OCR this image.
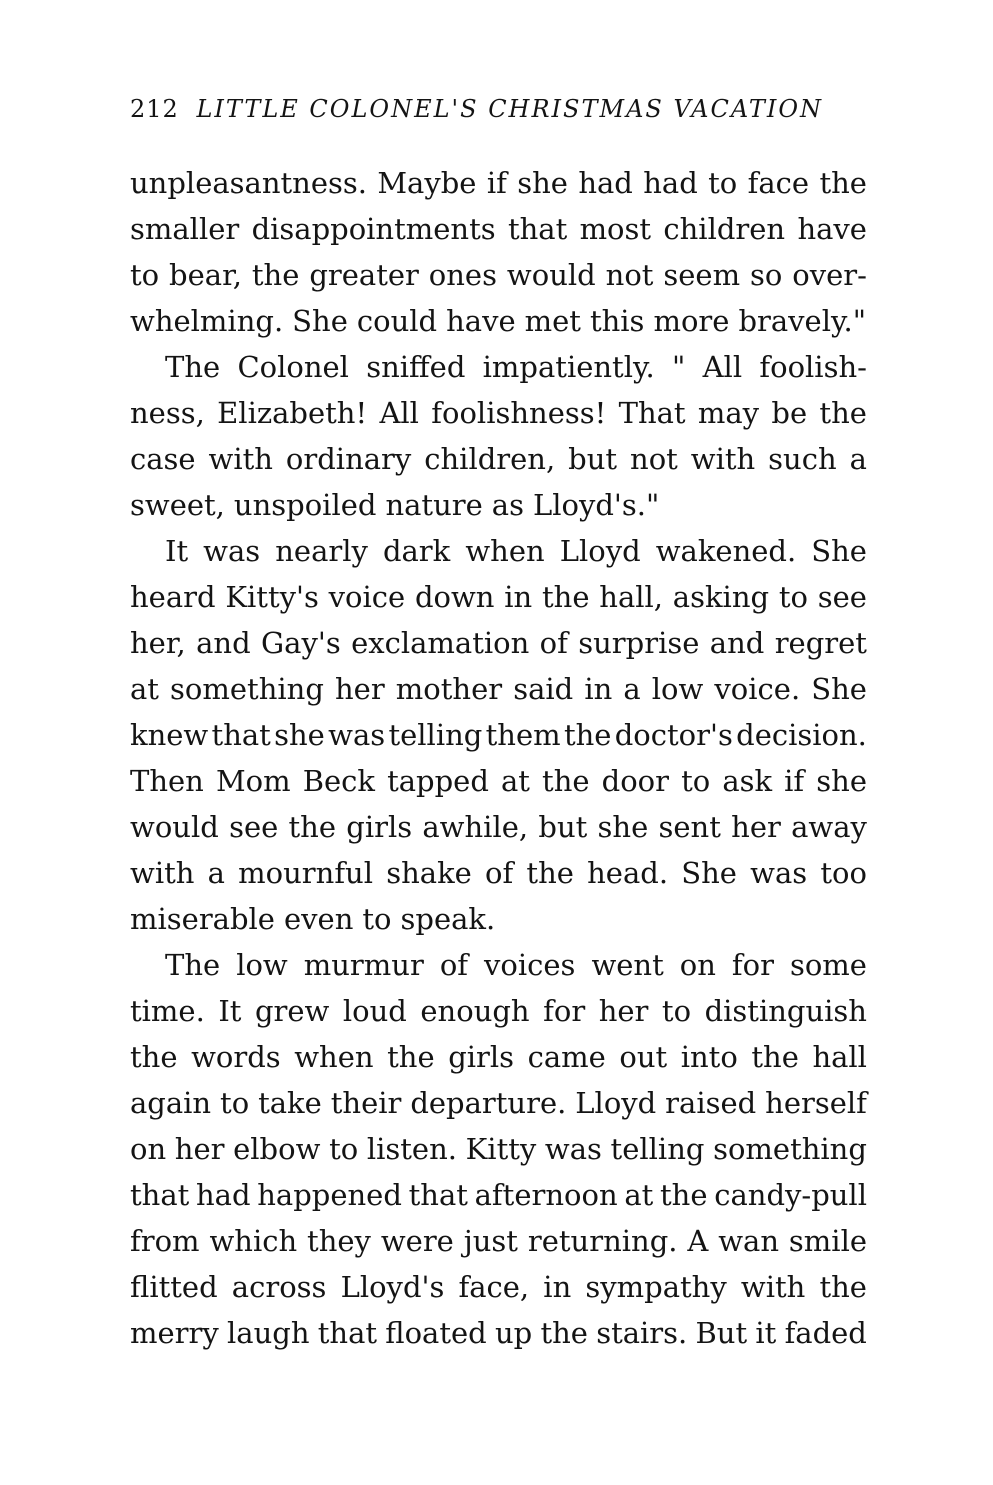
212 LITTLE COLONEL'S CHRISTMAS VACATION
unpleasantness. Maybe if she had had to face the
smaller disappointments that most children have
to bear, the greater ones would not seem so over-
whelming. She could have met this more bravely."
The Colonel sniffed impatiently. " All foolish-
ness, Elizabeth! All foolishness! That may be the
case with ordinary children, but not with such a
sweet, unspoiled nature as Lloyd's."
It was nearly dark when Lloyd wakened. She
heard Kitty's voice down in the hall, asking to see
her, and Gay's exclamation of surprise and regret
at something her mother said in a low voice. She
knew that she was telling them the doctor's decision.
Then Mom Beck tapped at the door to ask if she
would see the girls awhile, but she sent her away
with a mournful shake of the head. She was too
miserable even to speak.
The low murmur of voices went on for some
time. It grew loud enough for her to distinguish
the words when the girls came out into the hall
again to take their departure. Lloyd raised herself
on her elbow to listen. Kitty was telling something
that had happened that afternoon at the candy-pull
from which they were just returning. A wan smile
flitted across Lloyd's face, in sympathy with the
merry laugh that floated up the stairs. But it faded
